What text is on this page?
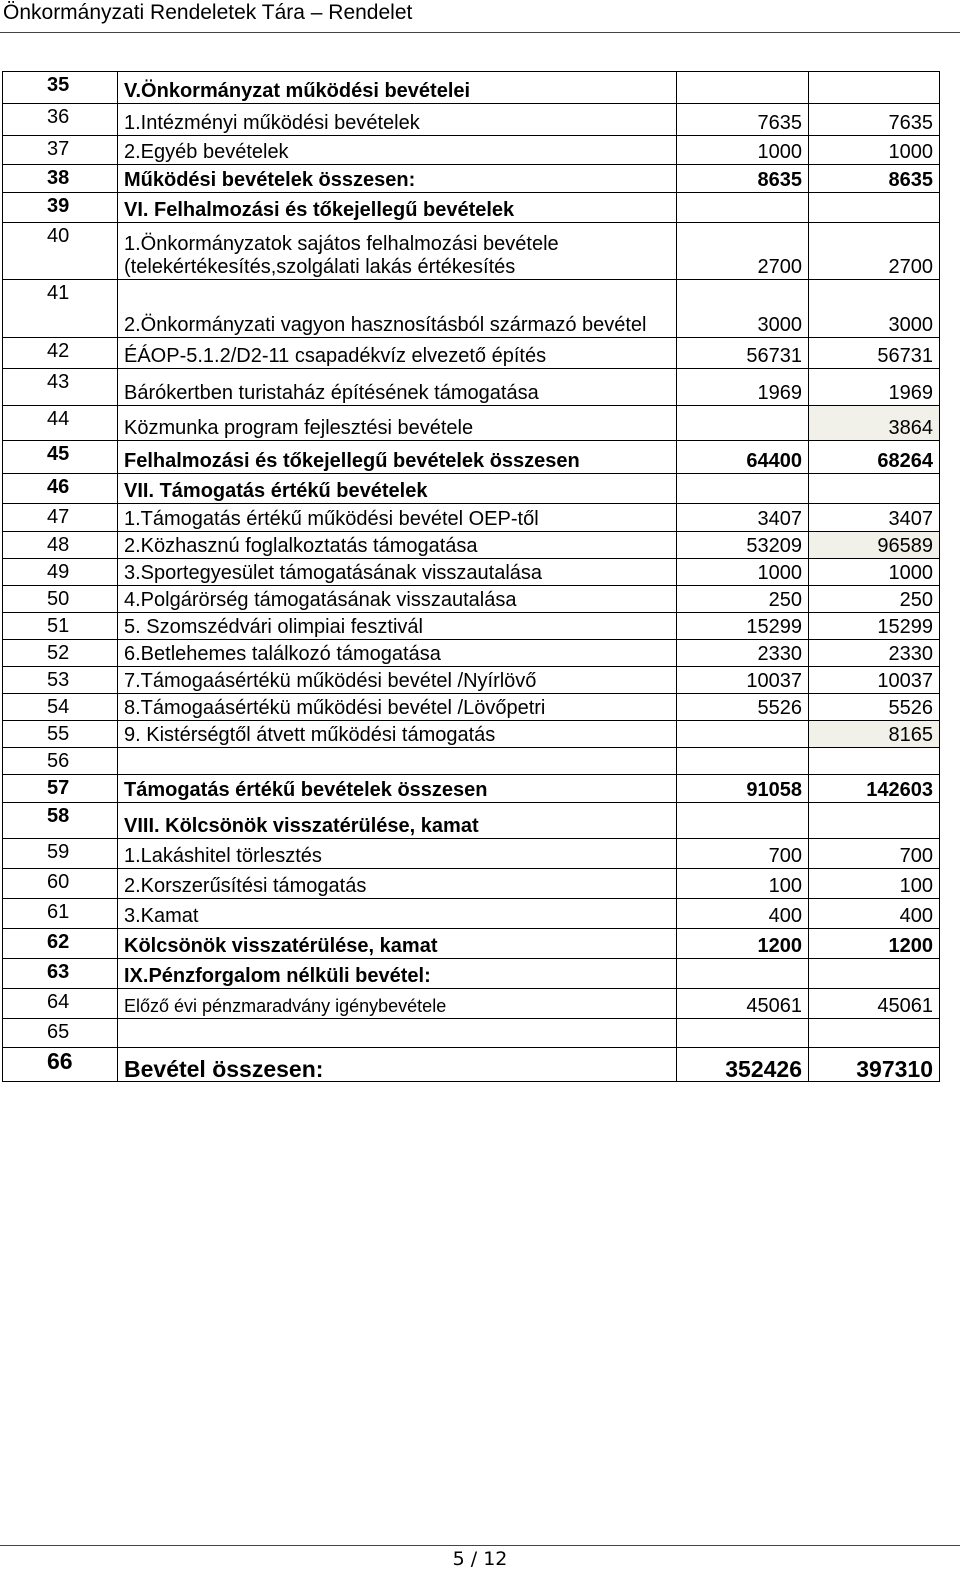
Önkormányzati Rendeletek Tára – Rendelet
35	V.Önkormányzat működési bevételei		
36	1.Intézményi működési bevételek	7635	7635
37	2.Egyéb bevételek	1000	1000
38	Működési bevételek összesen:	8635	8635
39	VI. Felhalmozási és tőkejellegű bevételek		
40	1.Önkormányzatok sajátos felhalmozási bevétele (telekértékesítés,szolgálati lakás értékesítés	2700	2700
41	2.Önkormányzati vagyon hasznosításból származó bevétel	3000	3000
42	ÉÁOP-5.1.2/D2-11 csapadékvíz elvezető építés	56731	56731
43	Bárókertben turistaház építésének támogatása	1969	1969
44	Közmunka program fejlesztési bevétele		3864
45	Felhalmozási és tőkejellegű bevételek összesen	64400	68264
46	VII. Támogatás értékű bevételek		
47	1.Támogatás értékű működési bevétel OEP-től	3407	3407
48	2.Közhasznú foglalkoztatás támogatása	53209	96589
49	3.Sportegyesület támogatásának visszautalása	1000	1000
50	4.Polgárörség támogatásának visszautalása	250	250
51	5. Szomszédvári olimpiai fesztivál	15299	15299
52	6.Betlehemes találkozó támogatása	2330	2330
53	7.Támogaásértékü működési bevétel /Nyírlövő	10037	10037
54	8.Támogaásértékü működési bevétel /Lövőpetri	5526	5526
55	9. Kistérségtől átvett működési támogatás		8165
56			
57	Támogatás értékű bevételek összesen	91058	142603
58	VIII. Kölcsönök visszatérülése, kamat		
59	1.Lakáshitel törlesztés	700	700
60	2.Korszerűsítési támogatás	100	100
61	3.Kamat	400	400
62	Kölcsönök visszatérülése, kamat	1200	1200
63	IX.Pénzforgalom nélküli bevétel:		
64	Előző évi pénzmaradvány igénybevétele	45061	45061
65			
66	Bevétel összesen:	352426	397310
5 / 12
